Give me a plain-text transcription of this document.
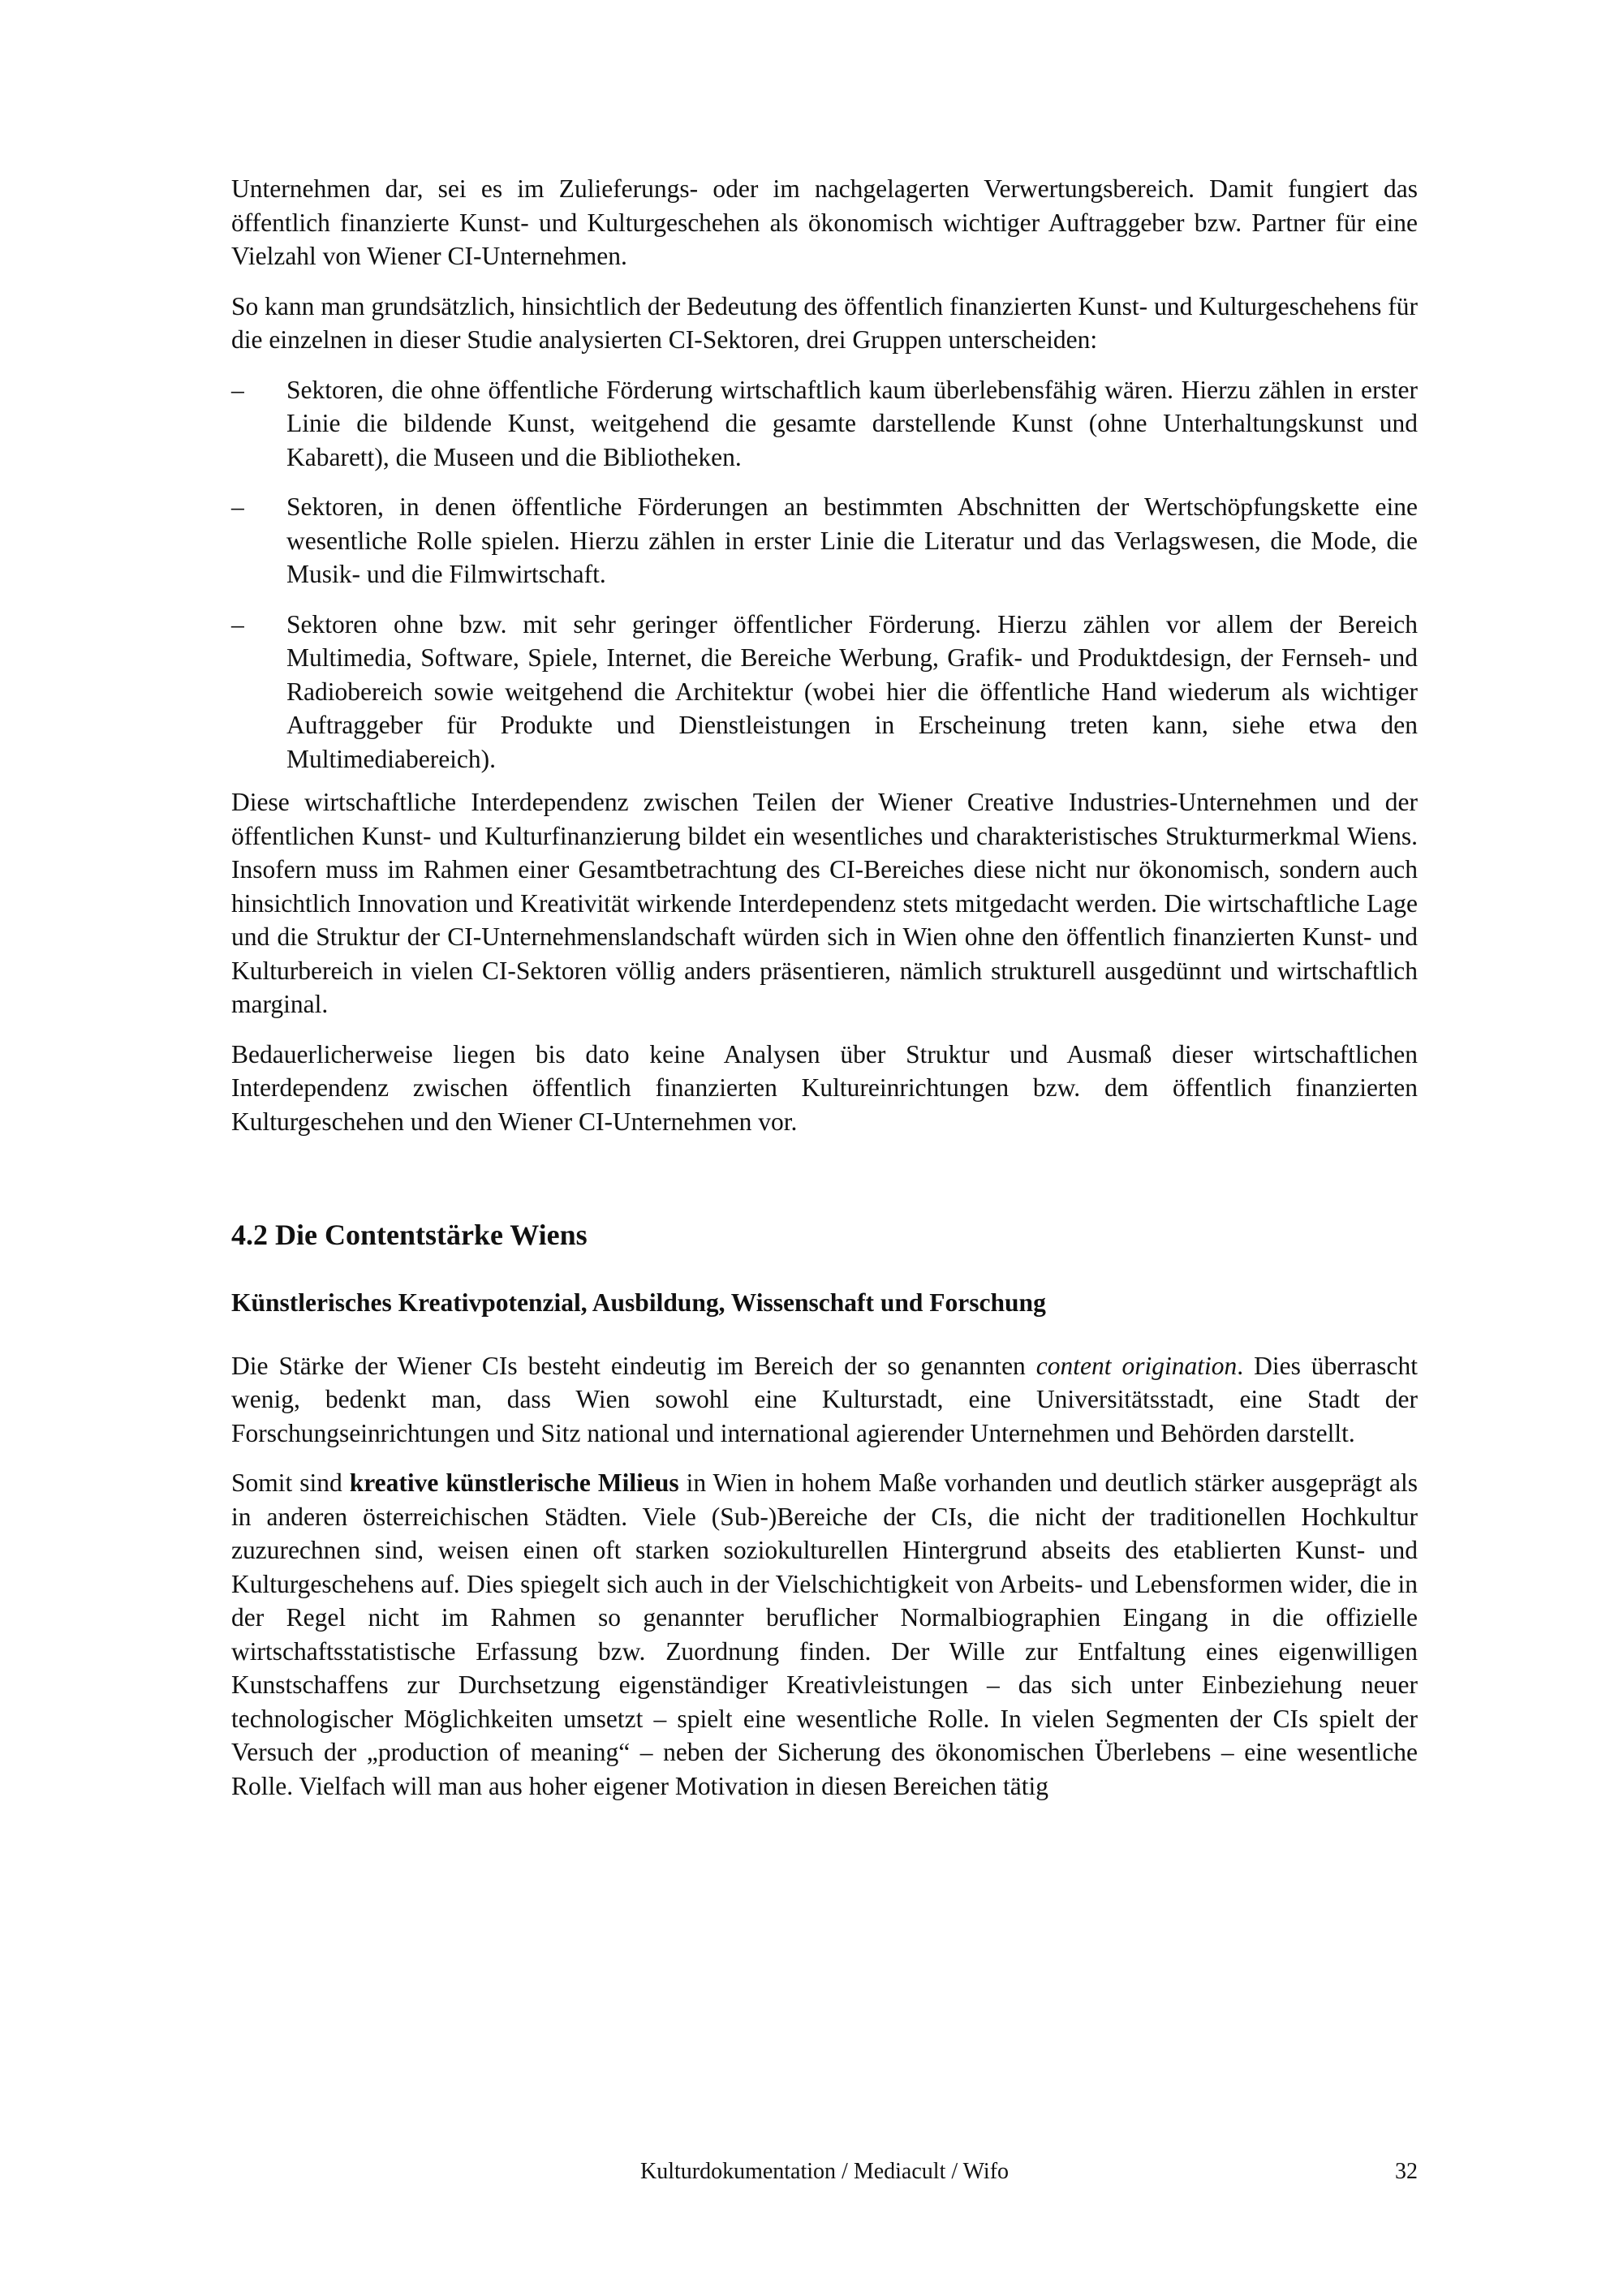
Unternehmen dar, sei es im Zulieferungs- oder im nachgelagerten Verwertungsbereich. Damit fungiert das öffentlich finanzierte Kunst- und Kulturgeschehen als ökonomisch wichtiger Auftraggeber bzw. Partner für eine Vielzahl von Wiener CI-Unternehmen.

So kann man grundsätzlich, hinsichtlich der Bedeutung des öffentlich finanzierten Kunst- und Kulturgeschehens für die einzelnen in dieser Studie analysierten CI-Sektoren, drei Gruppen unterscheiden:

– Sektoren, die ohne öffentliche Förderung wirtschaftlich kaum überlebensfähig wären. Hierzu zählen in erster Linie die bildende Kunst, weitgehend die gesamte darstellende Kunst (ohne Unterhaltungskunst und Kabarett), die Museen und die Bibliotheken.
– Sektoren, in denen öffentliche Förderungen an bestimmten Abschnitten der Wertschöpfungskette eine wesentliche Rolle spielen. Hierzu zählen in erster Linie die Literatur und das Verlagswesen, die Mode, die Musik- und die Filmwirtschaft.
– Sektoren ohne bzw. mit sehr geringer öffentlicher Förderung. Hierzu zählen vor allem der Bereich Multimedia, Software, Spiele, Internet, die Bereiche Werbung, Grafik- und Produktdesign, der Fernseh- und Radiobereich sowie weitgehend die Architektur (wobei hier die öffentliche Hand wiederum als wichtiger Auftraggeber für Produkte und Dienstleistungen in Erscheinung treten kann, siehe etwa den Multimediabereich).

Diese wirtschaftliche Interdependenz zwischen Teilen der Wiener Creative Industries-Unternehmen und der öffentlichen Kunst- und Kulturfinanzierung bildet ein wesentliches und charakteristisches Strukturmerkmal Wiens. Insofern muss im Rahmen einer Gesamtbetrachtung des CI-Bereiches diese nicht nur ökonomisch, sondern auch hinsichtlich Innovation und Kreativität wirkende Interdependenz stets mitgedacht werden. Die wirtschaftliche Lage und die Struktur der CI-Unternehmenslandschaft würden sich in Wien ohne den öffentlich finanzierten Kunst- und Kulturbereich in vielen CI-Sektoren völlig anders präsentieren, nämlich strukturell ausgedünnt und wirtschaftlich marginal.

Bedauerlicherweise liegen bis dato keine Analysen über Struktur und Ausmaß dieser wirtschaftlichen Interdependenz zwischen öffentlich finanzierten Kultureinrichtungen bzw. dem öffentlich finanzierten Kulturgeschehen und den Wiener CI-Unternehmen vor.

4.2 Die Contentstärke Wiens
Künstlerisches Kreativpotenzial, Ausbildung, Wissenschaft und Forschung

Die Stärke der Wiener CIs besteht eindeutig im Bereich der so genannten content origination. Dies überrascht wenig, bedenkt man, dass Wien sowohl eine Kulturstadt, eine Universitätsstadt, eine Stadt der Forschungseinrichtungen und Sitz national und international agierender Unternehmen und Behörden darstellt.

Somit sind kreative künstlerische Milieus in Wien in hohem Maße vorhanden und deutlich stärker ausgeprägt als in anderen österreichischen Städten. Viele (Sub-)Bereiche der CIs, die nicht der traditionellen Hochkultur zuzurechnen sind, weisen einen oft starken soziokulturellen Hintergrund abseits des etablierten Kunst- und Kulturgeschehens auf. Dies spiegelt sich auch in der Vielschichtigkeit von Arbeits- und Lebensformen wider, die in der Regel nicht im Rahmen so genannter beruflicher Normalbiographien Eingang in die offizielle wirtschaftsstatistische Erfassung bzw. Zuordnung finden. Der Wille zur Entfaltung eines eigenwilligen Kunstschaffens zur Durchsetzung eigenständiger Kreativleistungen – das sich unter Einbeziehung neuer technologischer Möglichkeiten umsetzt – spielt eine wesentliche Rolle. In vielen Segmenten der CIs spielt der Versuch der „production of meaning“ – neben der Sicherung des ökonomischen Überlebens – eine wesentliche Rolle. Vielfach will man aus hoher eigener Motivation in diesen Bereichen tätig

Kulturdokumentation / Mediacult / Wifo	32
